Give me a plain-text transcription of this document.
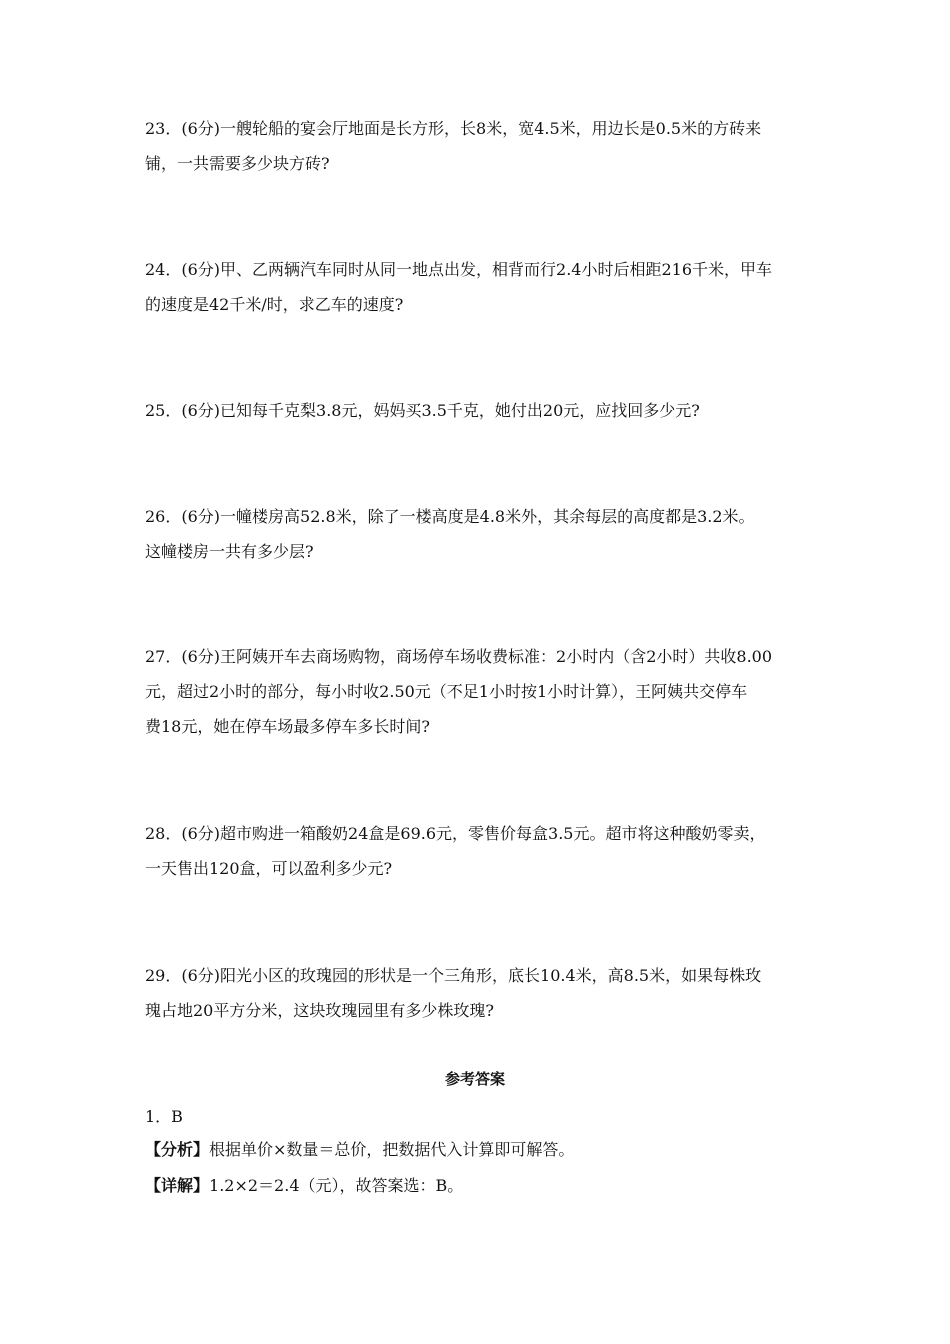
23．(6分)一艘轮船的宴会厅地面是长方形，长8米，宽4.5米，用边长是0.5米的方砖来
铺，一共需要多少块方砖?
24．(6分)甲、乙两辆汽车同时从同一地点出发，相背而行2.4小时后相距216千米，甲车
的速度是42千米/时，求乙车的速度?
25．(6分)已知每千克梨3.8元，妈妈买3.5千克，她付出20元，应找回多少元?
26．(6分)一幢楼房高52.8米，除了一楼高度是4.8米外，其余每层的高度都是3.2米。
这幢楼房一共有多少层?
27．(6分)王阿姨开车去商场购物，商场停车场收费标准：2小时内（含2小时）共收8.00
元，超过2小时的部分，每小时收2.50元（不足1小时按1小时计算），王阿姨共交停车
费18元，她在停车场最多停车多长时间?
28．(6分)超市购进一箱酸奶24盒是69.6元，零售价每盒3.5元。超市将这种酸奶零卖，
一天售出120盒，可以盈利多少元?
29．(6分)阳光小区的玫瑰园的形状是一个三角形，底长10.4米，高8.5米，如果每株玫
瑰占地20平方分米，这块玫瑰园里有多少株玫瑰?
参考答案
1．B
【分析】根据单价×数量＝总价，把数据代入计算即可解答。
【详解】1.2×2＝2.4（元），故答案选：B。
